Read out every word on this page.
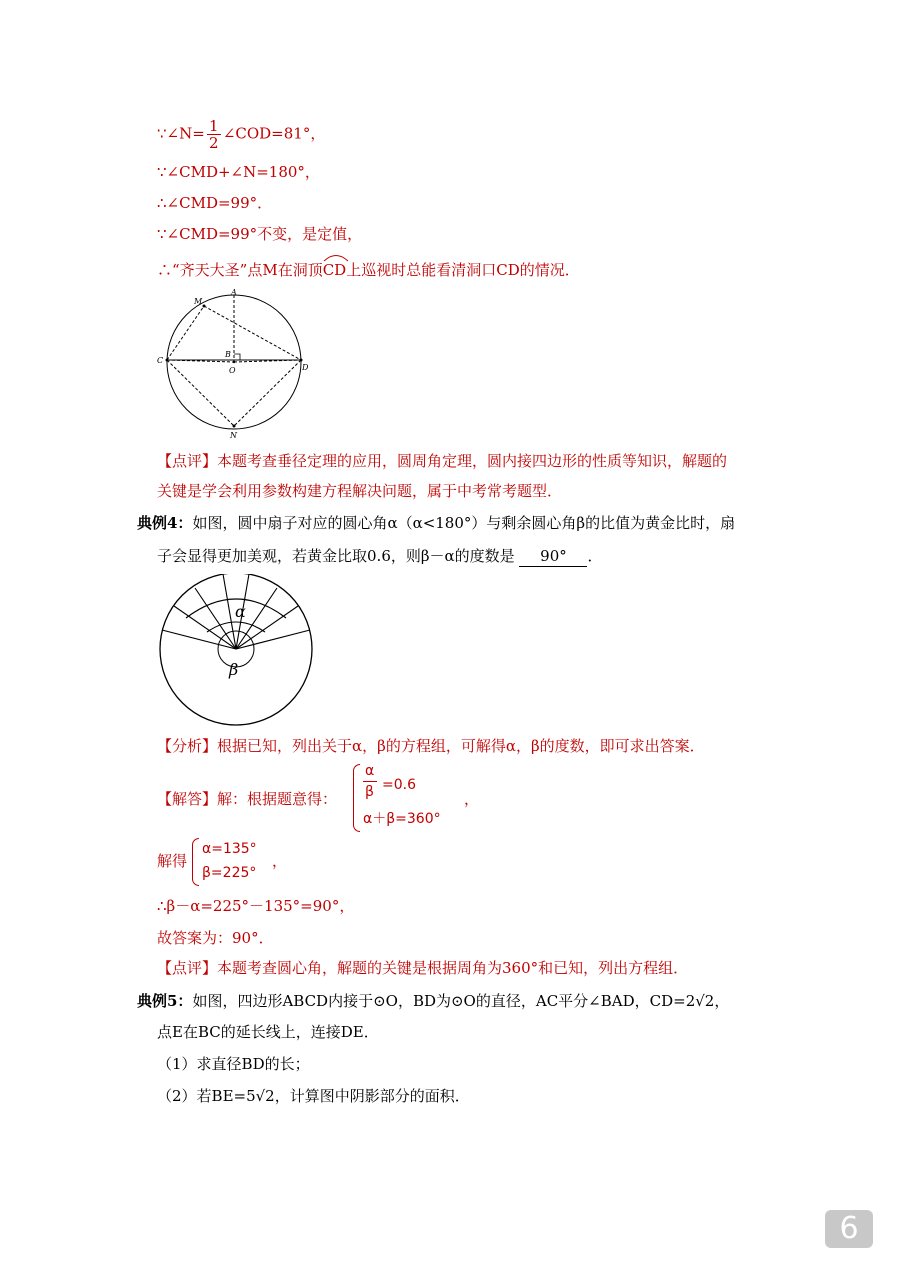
∵∠N= $\frac{1}{2}$ ∠COD=81°，
∵∠CMD+∠N=180°，
∴∠CMD=99°．
∵∠CMD=99°不变，是定值，
∴“齐天大圣”点M在洞顶
CD上巡视时总能看清洞口CD的情况．
A
M
C
B
O	D
N
【点评】本题考查垂径定理的应用，圆周角定理，圆内接四边形的性质等知识，解题的
关键是学会利用参数构建方程解决问题，属于中考常考题型．
典例4：如图，圆中扇子对应的圆心角α（α<180°）与剩余圆心角β的比值为黄金比时，扇
子会显得更加美观，若黄金比取0.6，则β－α的度数是 90° ．
α
β
【分析】根据已知，列出关于α，β的方程组，可解得α，β的度数，即可求出答案．
【解答】解：根据题意得：
α
β =0.6
α＋β=360°
，
解得
α=135°
β=225°
，
∴β－α=225°－135°=90°，
故答案为：90°．
【点评】本题考查圆心角，解题的关键是根据周角为360°和已知，列出方程组．
典例5：如图，四边形ABCD内接于⊙O，BD为⊙O的直径，AC平分∠BAD，CD=2√2，
点E在BC的延长线上，连接DE．
（1）求直径BD的长；
（2）若BE=5√2，计算图中阴影部分的面积．
6
